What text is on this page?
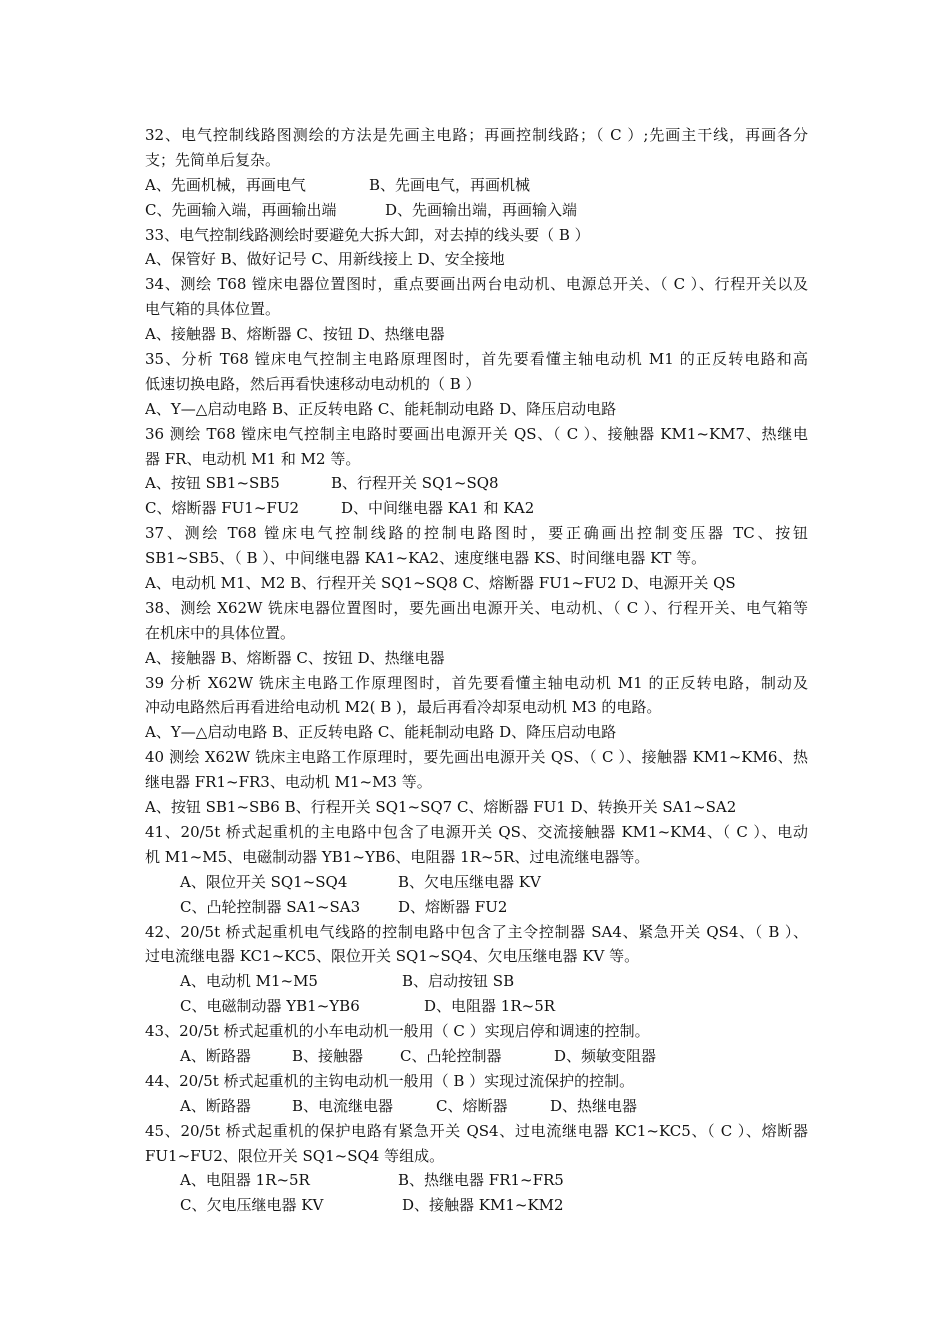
32、电气控制线路图测绘的方法是先画主电路；再画控制线路；（ C ）;先画主干线，再画各分
支；先简单后复杂。
A、先画机械，再画电气	B、先画电气，再画机械
C、先画输入端，再画输出端	D、先画输出端，再画输入端
33、电气控制线路测绘时要避免大拆大卸，对去掉的线头要（ B ）
A、保管好 B、做好记号 C、用新线接上 D、安全接地
34、测绘 T68 镗床电器位置图时，重点要画出两台电动机、电源总开关、（ C ）、行程开关以及
电气箱的具体位置。
A、接触器 B、熔断器 C、按钮 D、热继电器
35、分析 T68 镗床电气控制主电路原理图时，首先要看懂主轴电动机 M1 的正反转电路和高
低速切换电路，然后再看快速移动电动机的（ B ）
A、Y—△启动电路 B、正反转电路 C、能耗制动电路 D、降压启动电路
36 测绘 T68 镗床电气控制主电路时要画出电源开关 QS、（ C ）、接触器 KM1~KM7、热继电
器 FR、电动机 M1 和 M2 等。
A、按钮 SB1~SB5	B、行程开关 SQ1~SQ8
C、熔断器 FU1~FU2	D、中间继电器 KA1 和 KA2
37、测绘 T68 镗床电气控制线路的控制电路图时，要正确画出控制变压器 TC、按钮
SB1~SB5、（ B ）、中间继电器 KA1~KA2、速度继电器 KS、时间继电器 KT 等。
A、电动机 M1、M2 B、行程开关 SQ1~SQ8 C、熔断器 FU1~FU2 D、电源开关 QS
38、测绘 X62W 铣床电器位置图时，要先画出电源开关、电动机、（ C ）、行程开关、电气箱等
在机床中的具体位置。
A、接触器 B、熔断器 C、按钮 D、热继电器
39 分析 X62W 铣床主电路工作原理图时，首先要看懂主轴电动机 M1 的正反转电路，制动及
冲动电路然后再看进给电动机 M2( B )，最后再看冷却泵电动机 M3 的电路。
A、Y—△启动电路 B、正反转电路 C、能耗制动电路 D、降压启动电路
40 测绘 X62W 铣床主电路工作原理时，要先画出电源开关 QS、（ C ）、接触器 KM1~KM6、热
继电器 FR1~FR3、电动机 M1~M3 等。
A、按钮 SB1~SB6 B、行程开关 SQ1~SQ7 C、熔断器 FU1 D、转换开关 SA1~SA2
41、20/5t 桥式起重机的主电路中包含了电源开关 QS、交流接触器 KM1~KM4、（ C ）、电动
机 M1~M5、电磁制动器 YB1~YB6、电阻器 1R~5R、过电流继电器等。
A、限位开关 SQ1~SQ4	B、欠电压继电器 KV
C、凸轮控制器 SA1~SA3	D、熔断器 FU2
42、20/5t 桥式起重机电气线路的控制电路中包含了主令控制器 SA4、紧急开关 QS4、（ B ）、
过电流继电器 KC1~KC5、限位开关 SQ1~SQ4、欠电压继电器 KV 等。
A、电动机 M1~M5	B、启动按钮 SB
C、电磁制动器 YB1~YB6	D、电阻器 1R~5R
43、20/5t 桥式起重机的小车电动机一般用（ C ）实现启停和调速的控制。
A、断路器	B、接触器 C、凸轮控制器	D、频敏变阻器
44、20/5t 桥式起重机的主钩电动机一般用（ B ）实现过流保护的控制。
A、断路器	B、电流继电器	C、熔断器	D、热继电器
45、20/5t 桥式起重机的保护电路有紧急开关 QS4、过电流继电器 KC1~KC5、（ C ）、熔断器
FU1~FU2、限位开关 SQ1~SQ4 等组成。
A、电阻器 1R~5R	B、热继电器 FR1~FR5
C、欠电压继电器 KV	D、接触器 KM1~KM2
